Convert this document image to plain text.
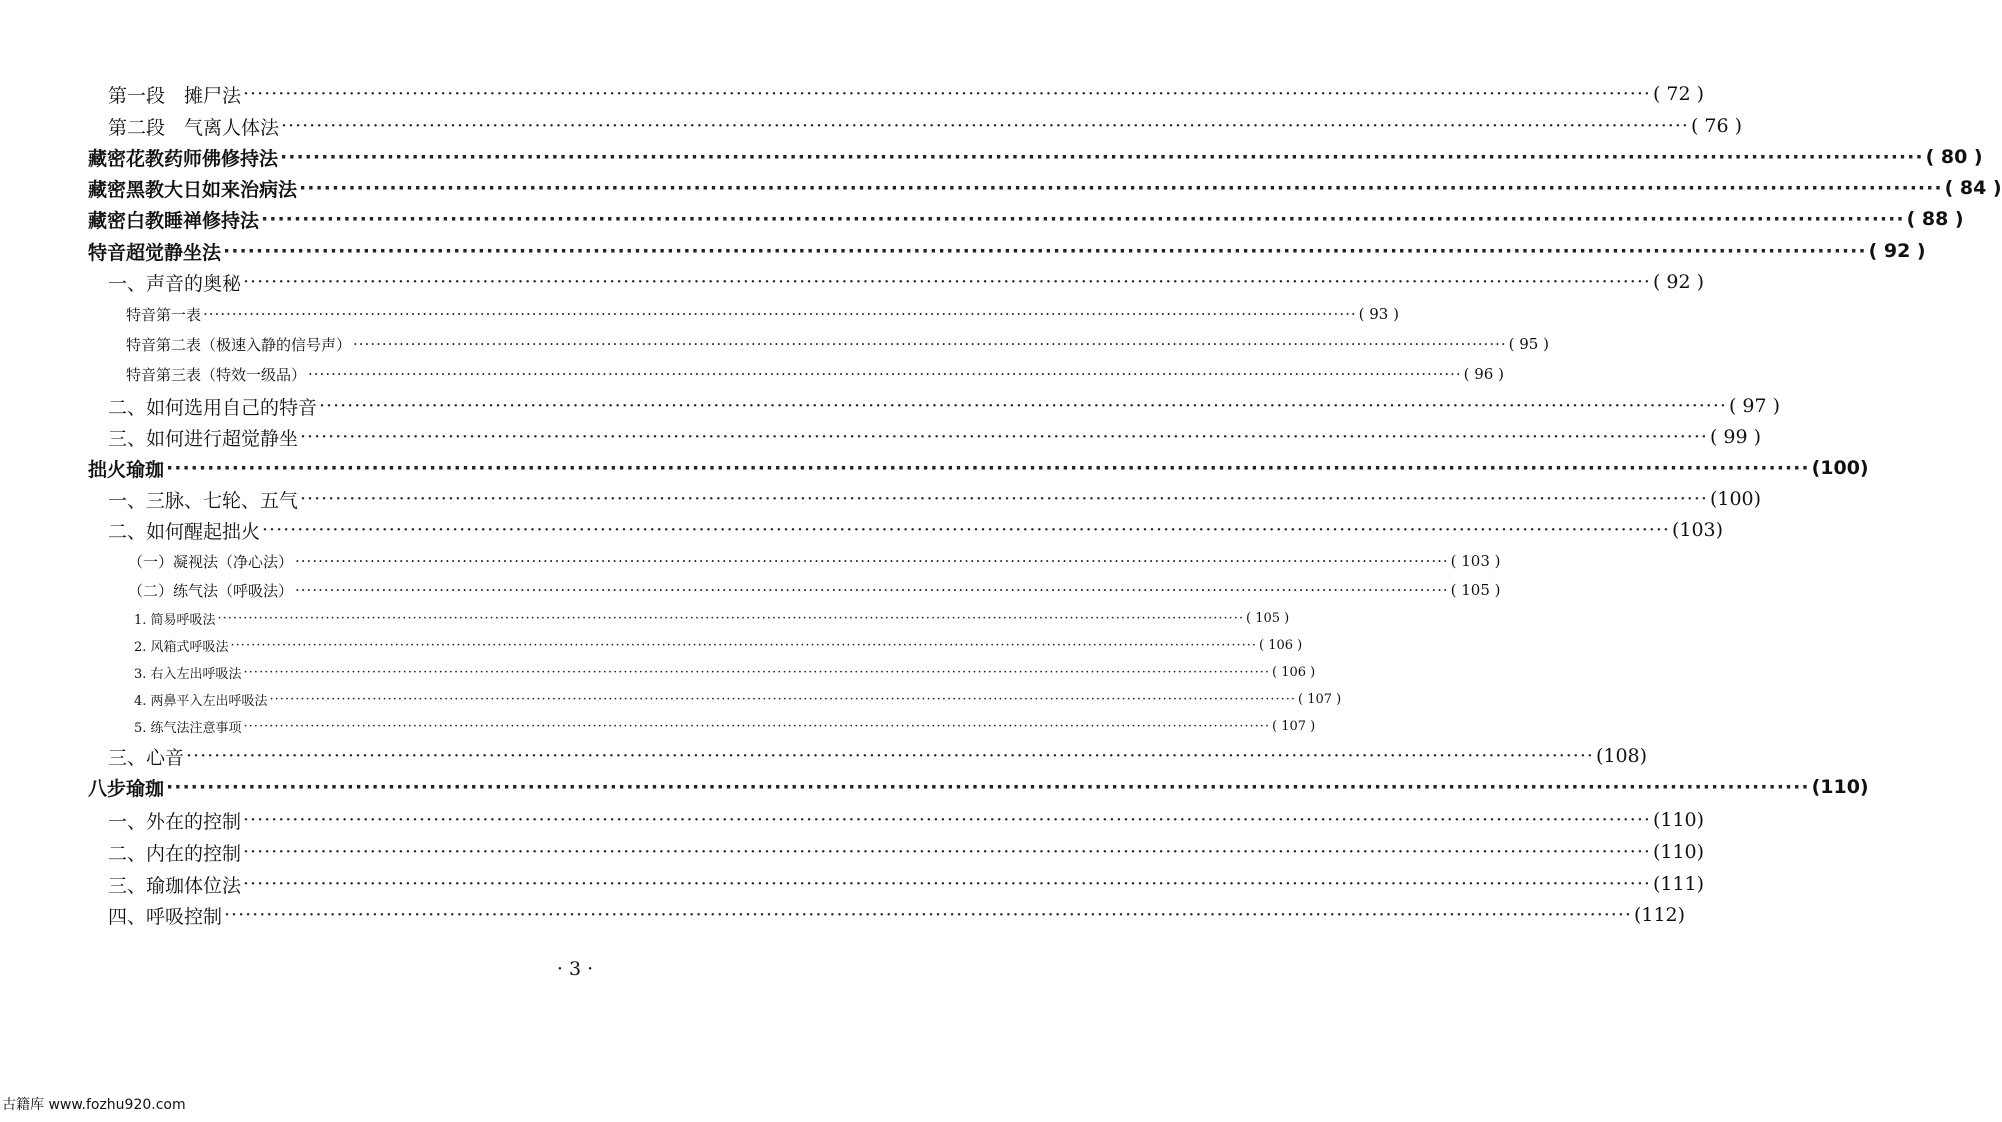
第一段　摊尸法 ········································································································································································································ ( 72 )
第二段　气离人体法 ········································································································································································································ ( 76 )
藏密花教药师佛修持法 ········································································································································································································ ( 80 )
藏密黑教大日如来治病法 ········································································································································································································ ( 84 )
藏密白教睡禅修持法 ········································································································································································································ ( 88 )
特音超觉静坐法 ········································································································································································································ ( 92 )
一、声音的奥秘 ········································································································································································································ ( 92 )
特音第一表 ········································································································································································································ ( 93 )
特音第二表（极速入静的信号声） ········································································································································································································ ( 95 )
特音第三表（特效一级品） ········································································································································································································ ( 96 )
二、如何选用自己的特音 ········································································································································································································ ( 97 )
三、如何进行超觉静坐 ········································································································································································································ ( 99 )
拙火瑜珈 ········································································································································································································ (100)
一、三脉、七轮、五气 ········································································································································································································ (100)
二、如何醒起拙火 ········································································································································································································ (103)
（一）凝视法（净心法） ········································································································································································································ ( 103 )
（二）练气法（呼吸法） ········································································································································································································ ( 105 )
1. 简易呼吸法 ········································································································································································································ ( 105 )
2. 风箱式呼吸法 ········································································································································································································ ( 106 )
3. 右入左出呼吸法 ········································································································································································································ ( 106 )
4. 两鼻平入左出呼吸法 ········································································································································································································ ( 107 )
5. 练气法注意事项 ········································································································································································································ ( 107 )
三、心音 ········································································································································································································ (108)
八步瑜珈 ········································································································································································································ (110)
一、外在的控制 ········································································································································································································ (110)
二、内在的控制 ········································································································································································································ (110)
三、瑜珈体位法 ········································································································································································································ (111)
四、呼吸控制 ········································································································································································································ (112)
· 3 ·
古籍库 www.fozhu920.com
